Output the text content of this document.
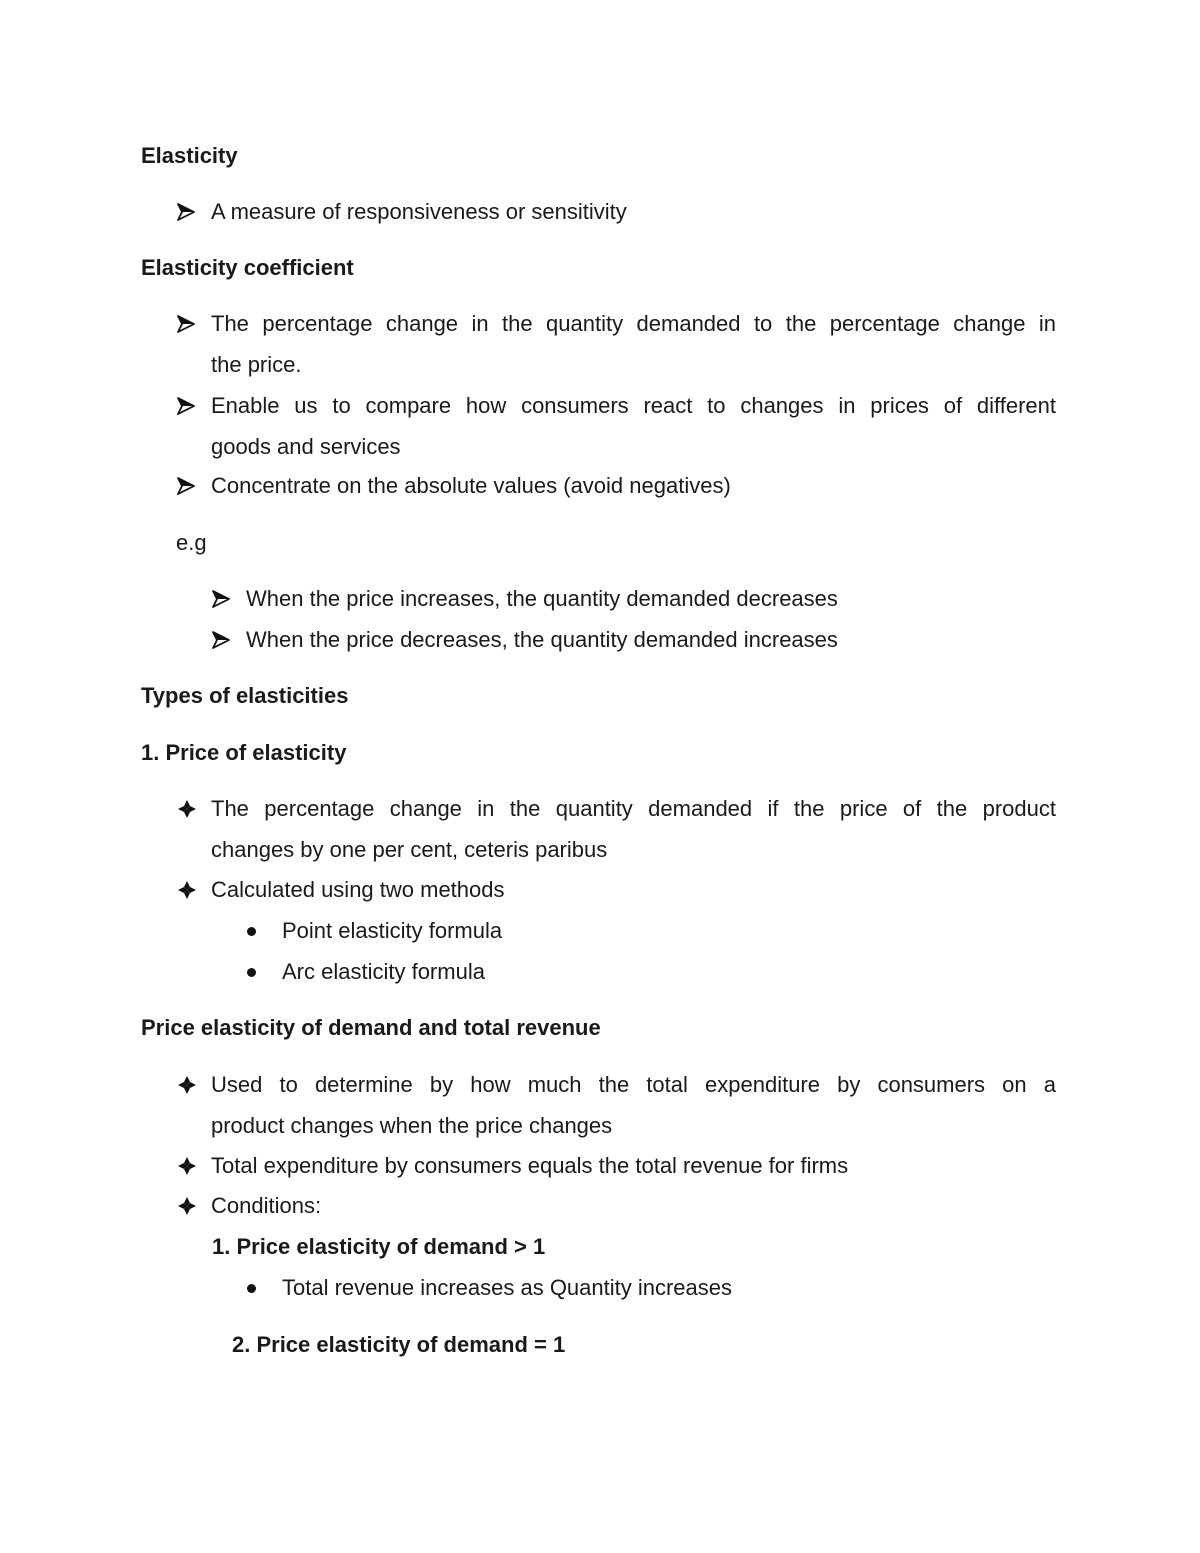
Elasticity
A measure of responsiveness or sensitivity
Elasticity coefficient
The percentage change in the quantity demanded to the percentage change in
the price.
Enable us to compare how consumers react to changes in prices of different
goods and services
Concentrate on the absolute values (avoid negatives)
e.g
When the price increases, the quantity demanded decreases
When the price decreases, the quantity demanded increases
Types of elasticities
1. Price of elasticity
The percentage change in the quantity demanded if the price of the product
changes by one per cent, ceteris paribus
Calculated using two methods
Point elasticity formula
Arc elasticity formula
Price elasticity of demand and total revenue
Used to determine by how much the total expenditure by consumers on a
product changes when the price changes
Total expenditure by consumers equals the total revenue for firms
Conditions:
1. Price elasticity of demand > 1
Total revenue increases as Quantity increases
2. Price elasticity of demand = 1
